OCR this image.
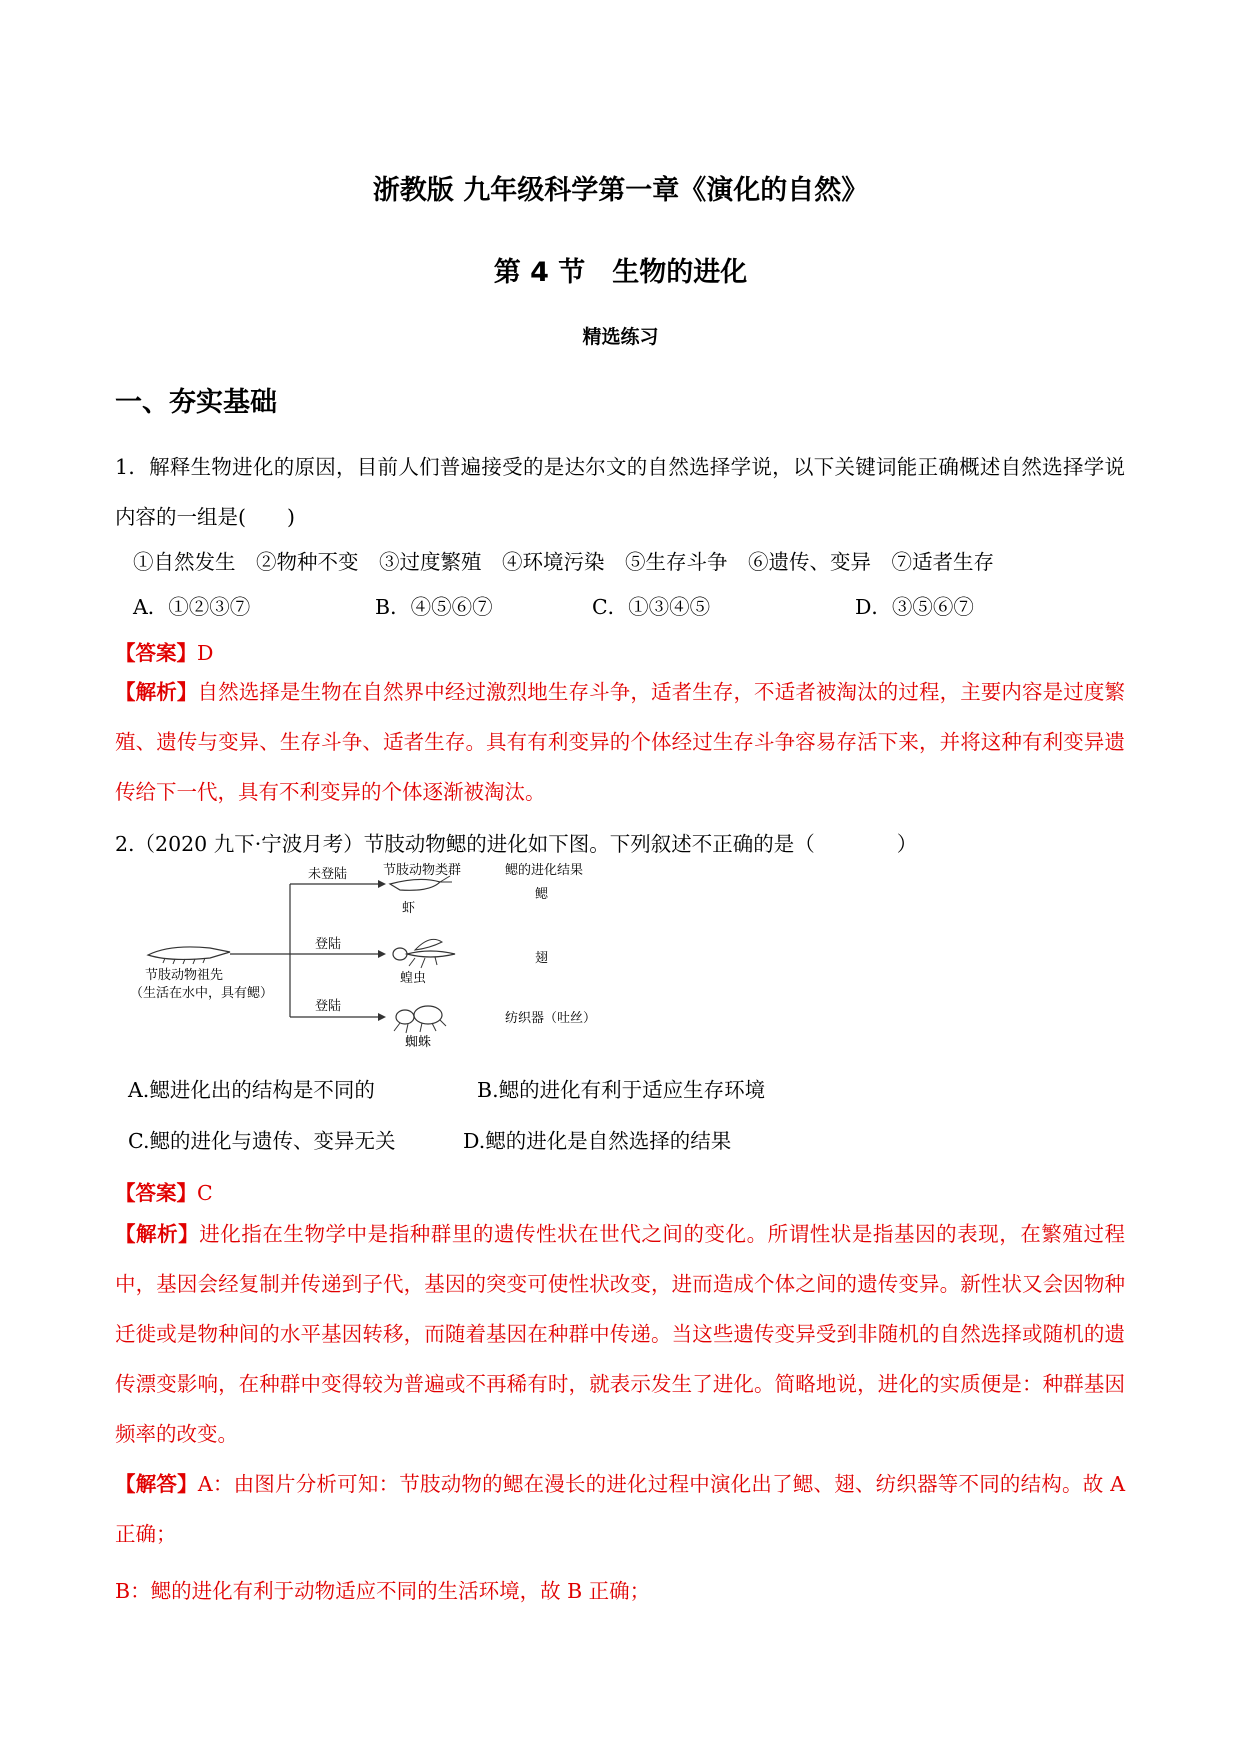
浙教版 九年级科学第一章《演化的自然》
第 4 节　生物的进化
精选练习
一、夯实基础
1．解释生物进化的原因，目前人们普遍接受的是达尔文的自然选择学说，以下关键词能正确概述自然选择学说内容的一组是(　　)
①自然发生　②物种不变　③过度繁殖　④环境污染　⑤生存斗争　⑥遗传、变异　⑦适者生存
A．①②③⑦	B．④⑤⑥⑦	C．①③④⑤	D．③⑤⑥⑦
【答案】D
【解析】自然选择是生物在自然界中经过激烈地生存斗争，适者生存，不适者被淘汰的过程，主要内容是过度繁殖、遗传与变异、生存斗争、适者生存。具有有利变异的个体经过生存斗争容易存活下来，并将这种有利变异遗传给下一代，具有不利变异的个体逐渐被淘汰。
2.（2020 九下·宁波月考）节肢动物鳃的进化如下图。下列叙述不正确的是（　　　　）
节肢动物祖先
（生活在水中，具有鳃）
未登陆
登陆
登陆
节肢动物类群	鳃的进化结果
虾
鳃
蝗虫
翅
蜘蛛
纺织器（吐丝）
A.鳃进化出的结构是不同的	B.鳃的进化有利于适应生存环境
C.鳃的进化与遗传、变异无关	D.鳃的进化是自然选择的结果
【答案】C
【解析】进化指在生物学中是指种群里的遗传性状在世代之间的变化。所谓性状是指基因的表现，在繁殖过程中，基因会经复制并传递到子代，基因的突变可使性状改变，进而造成个体之间的遗传变异。新性状又会因物种迁徙或是物种间的水平基因转移，而随着基因在种群中传递。当这些遗传变异受到非随机的自然选择或随机的遗传漂变影响，在种群中变得较为普遍或不再稀有时，就表示发生了进化。简略地说，进化的实质便是：种群基因频率的改变。
【解答】A：由图片分析可知：节肢动物的鳃在漫长的进化过程中演化出了鳃、翅、纺织器等不同的结构。故 A 正确；
B：鳃的进化有利于动物适应不同的生活环境，故 B 正确；
